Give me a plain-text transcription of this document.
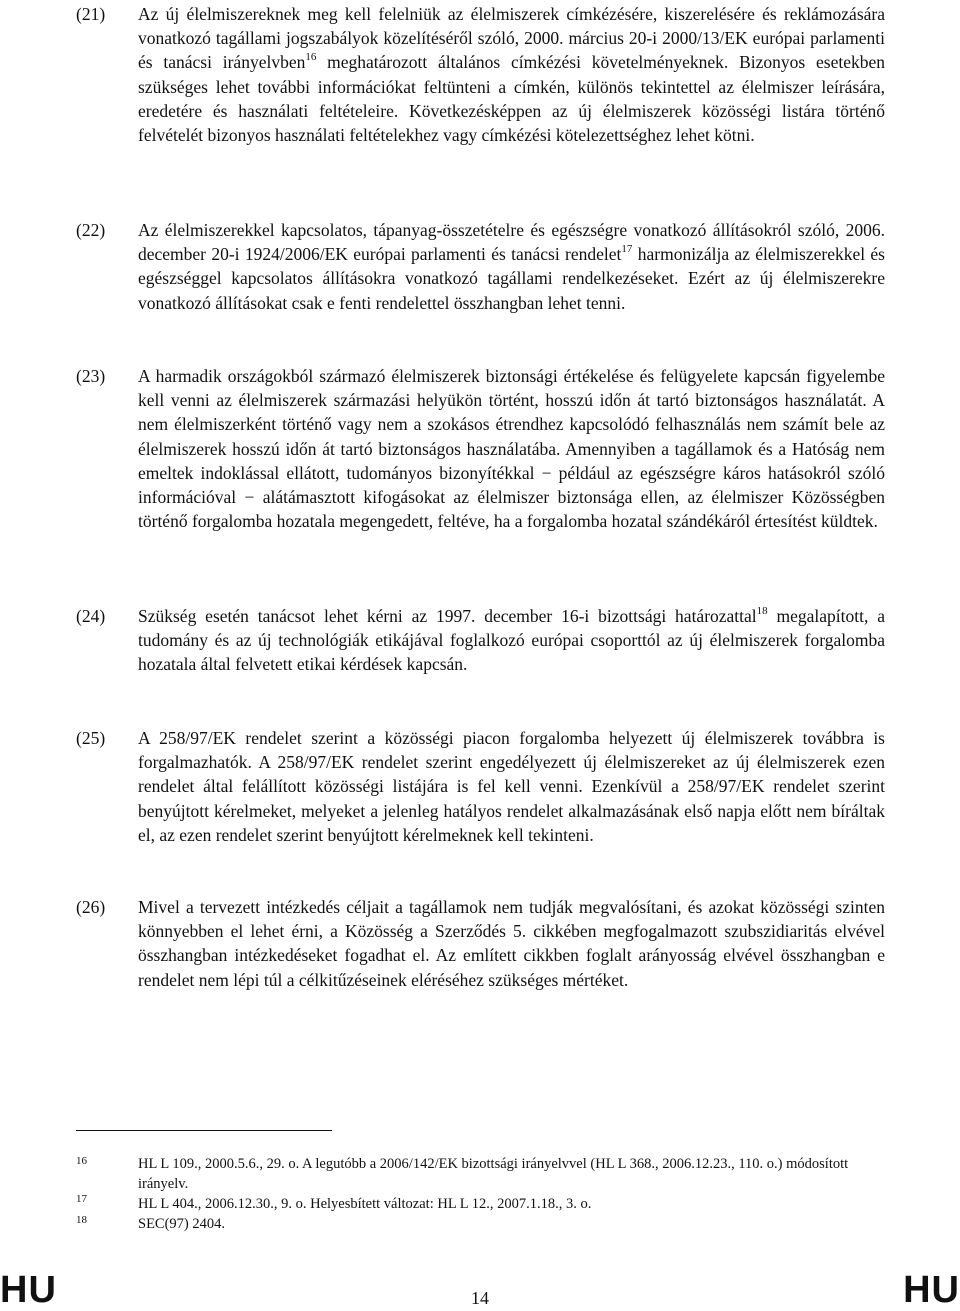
(21) Az új élelmiszereknek meg kell felelniük az élelmiszerek címkézésére, kiszerelésére és reklámozására vonatkozó tagállami jogszabályok közelítéséről szóló, 2000. március 20-i 2000/13/EK európai parlamenti és tanácsi irányelvben$^{16}$ meghatározott általános címkézési követelményeknek. Bizonyos esetekben szükséges lehet további információkat feltünteni a címkén, különös tekintettel az élelmiszer leírására, eredetére és használati feltételeire. Következésképpen az új élelmiszerek közösségi listára történő felvételét bizonyos használati feltételekhez vagy címkézési kötelezettséghez lehet kötni.
(22) Az élelmiszerekkel kapcsolatos, tápanyag-összetételre és egészségre vonatkozó állításokról szóló, 2006. december 20-i 1924/2006/EK európai parlamenti és tanácsi rendelet$^{17}$ harmonizálja az élelmiszerekkel és egészséggel kapcsolatos állításokra vonatkozó tagállami rendelkezéseket. Ezért az új élelmiszerekre vonatkozó állításokat csak e fenti rendelettel összhangban lehet tenni.
(23) A harmadik országokból származó élelmiszerek biztonsági értékelése és felügyelete kapcsán figyelembe kell venni az élelmiszerek származási helyükön történt, hosszú időn át tartó biztonságos használatát. A nem élelmiszerként történő vagy nem a szokásos étrendhez kapcsolódó felhasználás nem számít bele az élelmiszerek hosszú időn át tartó biztonságos használatába. Amennyiben a tagállamok és a Hatóság nem emeltek indoklással ellátott, tudományos bizonyítékkal − például az egészségre káros hatásokról szóló információval − alátámasztott kifogásokat az élelmiszer biztonsága ellen, az élelmiszer Közösségben történő forgalomba hozatala megengedett, feltéve, ha a forgalomba hozatal szándékáról értesítést küldtek.
(24) Szükség esetén tanácsot lehet kérni az 1997. december 16-i bizottsági határozattal$^{18}$ megalapított, a tudomány és az új technológiák etikájával foglalkozó európai csoporttól az új élelmiszerek forgalomba hozatala által felvetett etikai kérdések kapcsán.
(25) A 258/97/EK rendelet szerint a közösségi piacon forgalomba helyezett új élelmiszerek továbbra is forgalmazhatók. A 258/97/EK rendelet szerint engedélyezett új élelmiszereket az új élelmiszerek ezen rendelet által felállított közösségi listájára is fel kell venni. Ezenkívül a 258/97/EK rendelet szerint benyújtott kérelmeket, melyeket a jelenleg hatályos rendelet alkalmazásának első napja előtt nem bíráltak el, az ezen rendelet szerint benyújtott kérelmeknek kell tekinteni.
(26) Mivel a tervezett intézkedés céljait a tagállamok nem tudják megvalósítani, és azokat közösségi szinten könnyebben el lehet érni, a Közösség a Szerződés 5. cikkében megfogalmazott szubszidiaritás elvével összhangban intézkedéseket fogadhat el. Az említett cikkben foglalt arányosság elvével összhangban e rendelet nem lépi túl a célkitűzéseinek eléréséhez szükséges mértéket.
16	HL L 109., 2000.5.6., 29. o. A legutóbb a 2006/142/EK bizottsági irányelvvel (HL L 368., 2006.12.23., 110. o.) módosított irányelv.
17	HL L 404., 2006.12.30., 9. o. Helyesbített változat: HL L 12., 2007.1.18., 3. o.
18	SEC(97) 2404.
HU	14	HU
